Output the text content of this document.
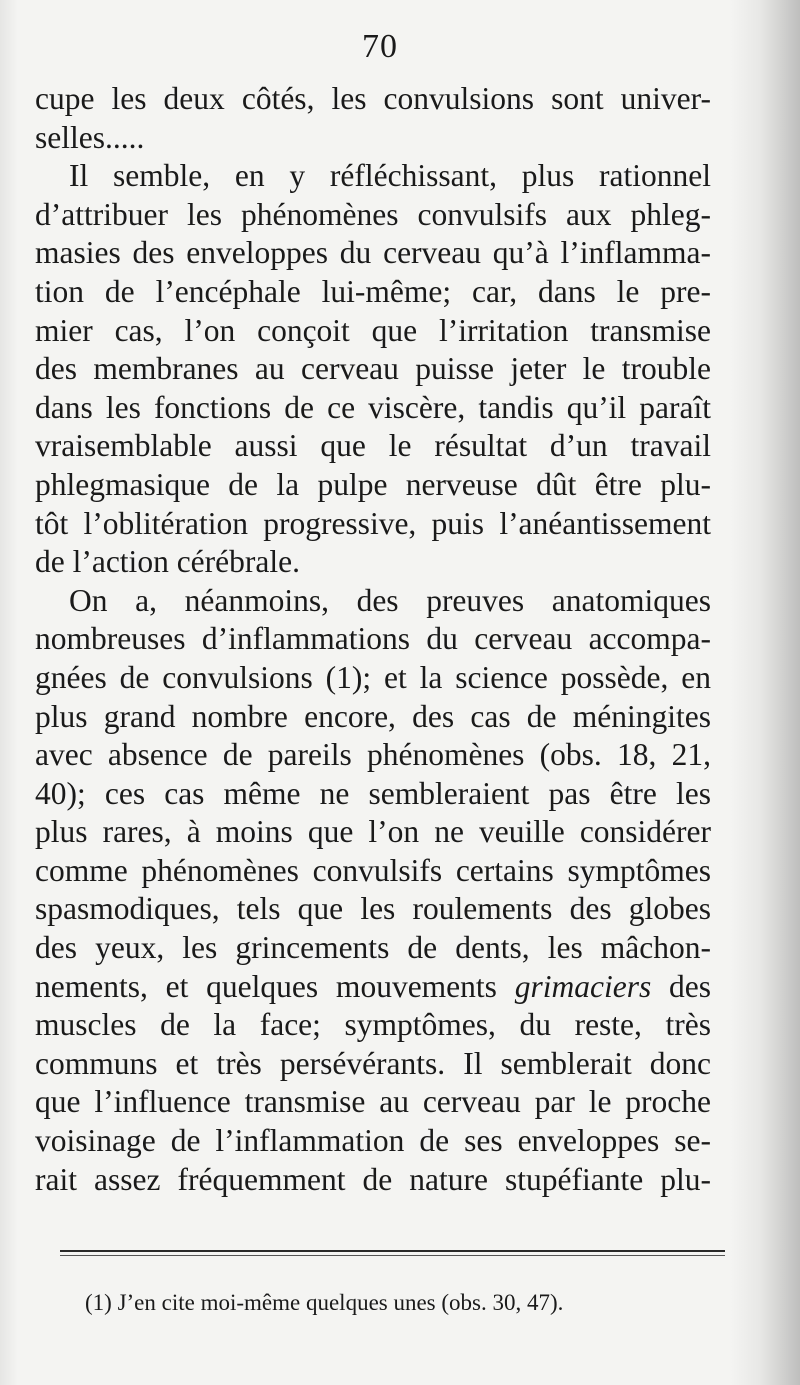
70
cupe les deux côtés, les convulsions sont univer-
selles.....
Il semble, en y réfléchissant, plus rationnel
d’attribuer les phénomènes convulsifs aux phleg-
masies des enveloppes du cerveau qu’à l’inflamma-
tion de l’encéphale lui-même; car, dans le pre-
mier cas, l’on conçoit que l’irritation transmise
des membranes au cerveau puisse jeter le trouble
dans les fonctions de ce viscère, tandis qu’il paraît
vraisemblable aussi que le résultat d’un travail
phlegmasique de la pulpe nerveuse dût être plu-
tôt l’oblitération progressive, puis l’anéantissement
de l’action cérébrale.
On a, néanmoins, des preuves anatomiques
nombreuses d’inflammations du cerveau accompa-
gnées de convulsions (1); et la science possède, en
plus grand nombre encore, des cas de méningites
avec absence de pareils phénomènes (obs. 18, 21,
40); ces cas même ne sembleraient pas être les
plus rares, à moins que l’on ne veuille considérer
comme phénomènes convulsifs certains symptômes
spasmodiques, tels que les roulements des globes
des yeux, les grincements de dents, les mâchon-
nements, et quelques mouvements grimaciers des
muscles de la face; symptômes, du reste, très
communs et très persévérants. Il semblerait donc
que l’influence transmise au cerveau par le proche
voisinage de l’inflammation de ses enveloppes se-
rait assez fréquemment de nature stupéfiante plu-
(1) J’en cite moi-même quelques unes (obs. 30, 47).
